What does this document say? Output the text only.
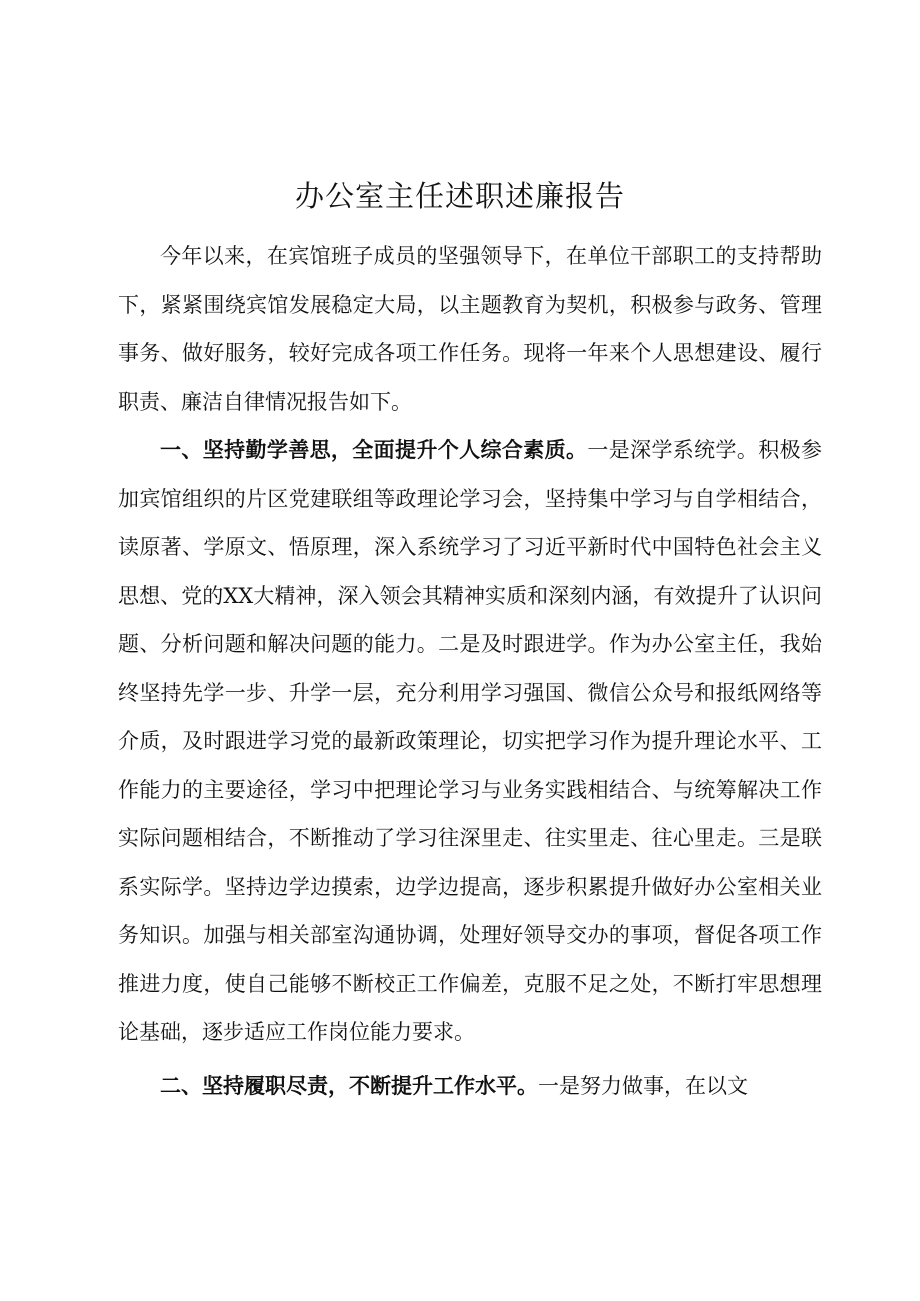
办公室主任述职述廉报告

今年以来，在宾馆班子成员的坚强领导下，在单位干部职工的支持帮助下，紧紧围绕宾馆发展稳定大局，以主题教育为契机，积极参与政务、管理事务、做好服务，较好完成各项工作任务。现将一年来个人思想建设、履行职责、廉洁自律情况报告如下。

一、坚持勤学善思，全面提升个人综合素质。一是深学系统学。积极参加宾馆组织的片区党建联组等政理论学习会，坚持集中学习与自学相结合，读原著、学原文、悟原理，深入系统学习了习近平新时代中国特色社会主义思想、党的XX大精神，深入领会其精神实质和深刻内涵，有效提升了认识问题、分析问题和解决问题的能力。二是及时跟进学。作为办公室主任，我始终坚持先学一步、升学一层，充分利用学习强国、微信公众号和报纸网络等介质，及时跟进学习党的最新政策理论，切实把学习作为提升理论水平、工作能力的主要途径，学习中把理论学习与业务实践相结合、与统筹解决工作实际问题相结合，不断推动了学习往深里走、往实里走、往心里走。三是联系实际学。坚持边学边摸索，边学边提高，逐步积累提升做好办公室相关业务知识。加强与相关部室沟通协调，处理好领导交办的事项，督促各项工作推进力度，使自己能够不断校正工作偏差，克服不足之处，不断打牢思想理论基础，逐步适应工作岗位能力要求。

二、坚持履职尽责，不断提升工作水平。一是努力做事，在以文
